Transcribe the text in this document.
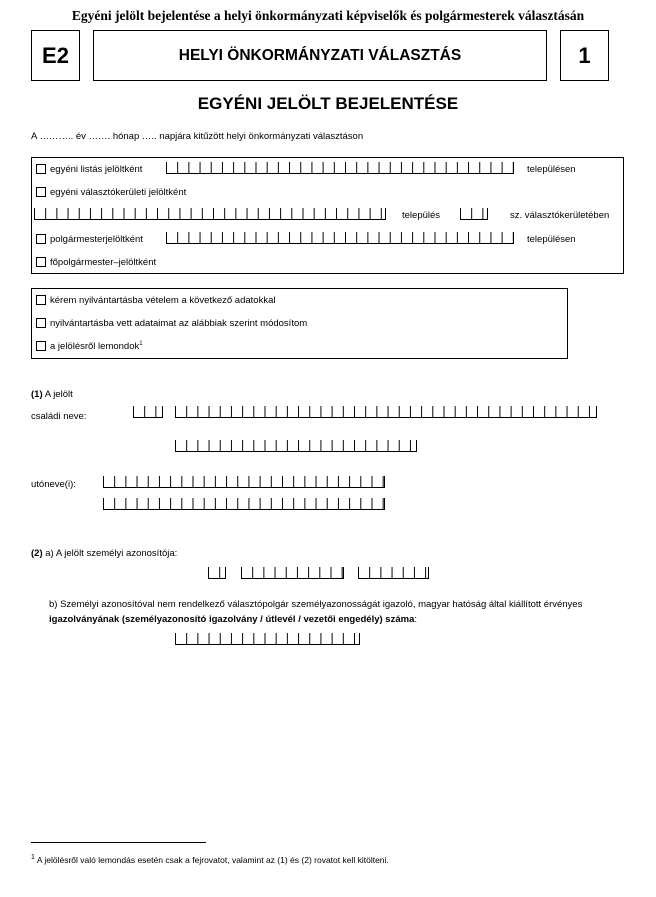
Egyéni jelölt bejelentése a helyi önkormányzati képviselők és polgármesterek választásán
E2	HELYI ÖNKORMÁNYZATI VÁLASZTÁS	1
EGYÉNI JELÖLT BEJELENTÉSE
A ……….. év ……. hónap ….. napjára kitűzött helyi önkormányzati választáson
egyéni listás jelöltként	településen
egyéni választókerületi jelöltként
település	sz. választókerületében
polgármesterjelöltként	településen
főpolgármester–jelöltként
kérem nyilvántartásba vételem a következő adatokkal
nyilvántartásba vett adataimat az alábbiak szerint módosítom
a jelölésről lemondok$^1$
(1) A jelölt
családi neve:
utóneve(i):
(2) a) A jelölt személyi azonosítója:
b) Személyi azonosítóval nem rendelkező választópolgár személyazonosságát igazoló, magyar hatóság által kiállított érvényes
igazolványának (személyazonosító igazolvány / útlevél / vezetői engedély) száma:
$^1$ A jelölésről való lemondás esetén csak a fejrovatot, valamint az (1) és (2) rovatot kell kitölteni.
